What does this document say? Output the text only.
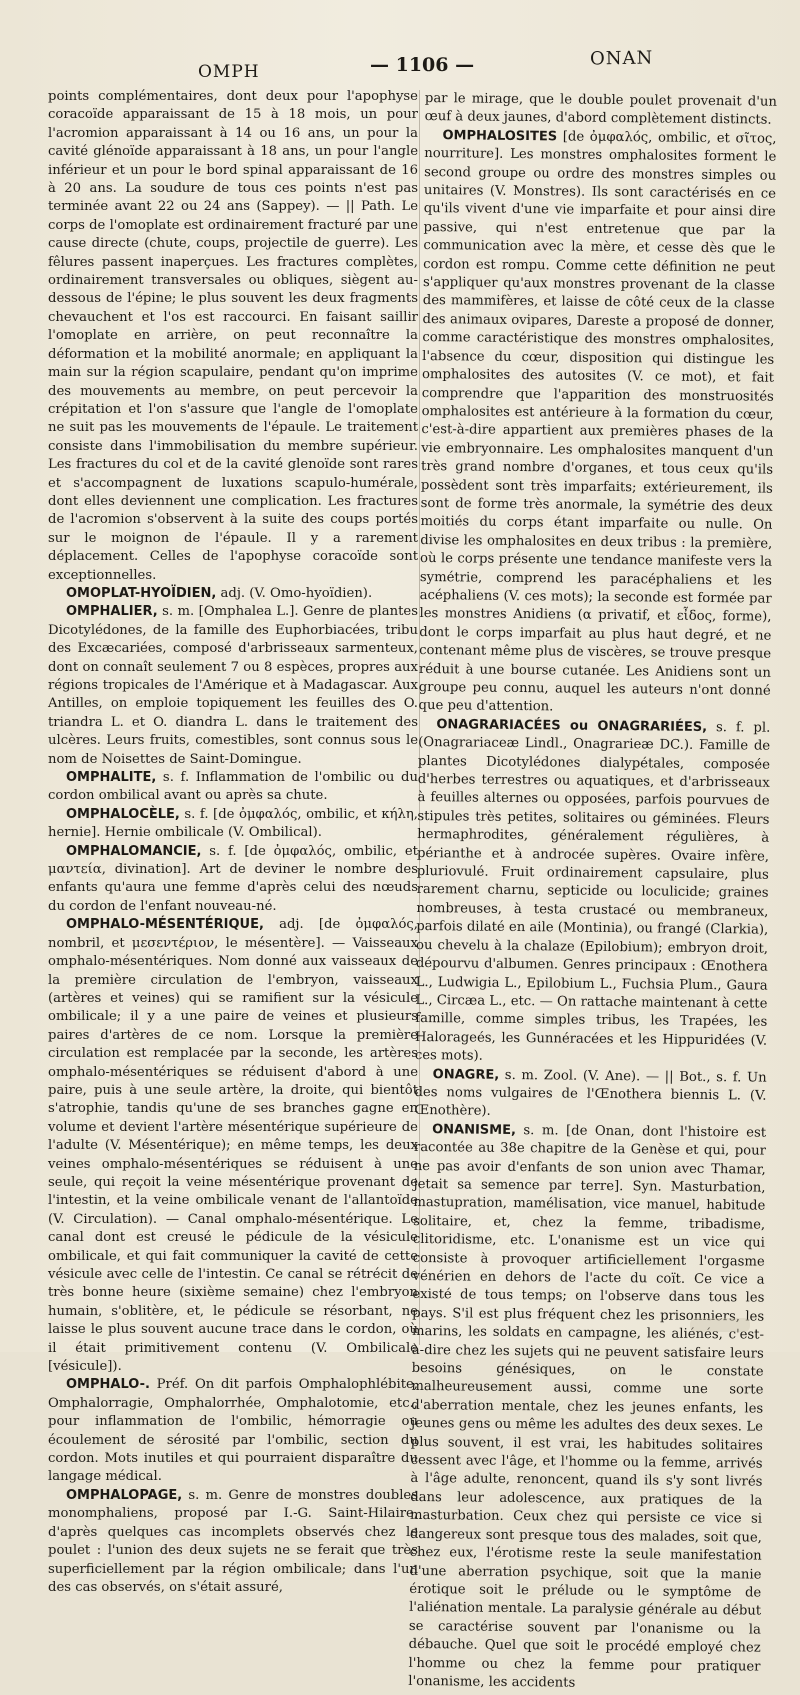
OMPH	— 1106 —	ONAN

points complémentaires, dont deux pour l'apophyse coracoïde apparaissant de 15 à 18 mois, un pour l'acromion apparaissant à 14 ou 16 ans, un pour la cavité glénoïde apparaissant à 18 ans, un pour l'angle inférieur et un pour le bord spinal apparaissant de 16 à 20 ans. La soudure de tous ces points n'est pas terminée avant 22 ou 24 ans (Sappey). — || Path. Le corps de l'omoplate est ordinairement fracturé par une cause directe (chute, coups, projectile de guerre). Les fêlures passent inaperçues. Les fractures complètes, ordinairement transversales ou obliques, siègent au-dessous de l'épine; le plus souvent les deux fragments chevauchent et l'os est raccourci. En faisant saillir l'omoplate en arrière, on peut reconnaître la déformation et la mobilité anormale; en appliquant la main sur la région scapulaire, pendant qu'on imprime des mouvements au membre, on peut percevoir la crépitation et l'on s'assure que l'angle de l'omoplate ne suit pas les mouvements de l'épaule. Le traitement consiste dans l'immobilisation du membre supérieur. Les fractures du col et de la cavité glenoïde sont rares et s'accompagnent de luxations scapulo-humérale, dont elles deviennent une complication. Les fractures de l'acromion s'observent à la suite des coups portés sur le moignon de l'épaule. Il y a rarement déplacement. Celles de l'apophyse coracoïde sont exceptionnelles.

OMOPLAT-HYOÏDIEN, adj. (V. Omo-hyoïdien).

OMPHALIER, s. m. [Omphalea L.]. Genre de plantes Dicotylédones, de la famille des Euphorbiacées, tribu des Excæcariées, composé d'arbrisseaux sarmenteux, dont on connaît seulement 7 ou 8 espèces, propres aux régions tropicales de l'Amérique et à Madagascar. Aux Antilles, on emploie topiquement les feuilles des O. triandra L. et O. diandra L. dans le traitement des ulcères. Leurs fruits, comestibles, sont connus sous le nom de Noisettes de Saint-Domingue.

OMPHALITE, s. f. Inflammation de l'ombilic ou du cordon ombilical avant ou après sa chute.

OMPHALOCÈLE, s. f. [de ὀμφαλός, ombilic, et κήλη, hernie]. Hernie ombilicale (V. Ombilical).

OMPHALOMANCIE, s. f. [de ὀμφαλός, ombilic, et μαντεία, divination]. Art de deviner le nombre des enfants qu'aura une femme d'après celui des nœuds du cordon de l'enfant nouveau-né.

OMPHALO-MÉSENTÉRIQUE, adj. [de ὀμφαλός, nombril, et μεσεντέριον, le mésentère]. — Vaisseaux omphalo-mésentériques. Nom donné aux vaisseaux de la première circulation de l'embryon, vaisseaux (artères et veines) qui se ramifient sur la vésicule ombilicale; il y a une paire de veines et plusieurs paires d'artères de ce nom. Lorsque la première circulation est remplacée par la seconde, les artères omphalo-mésentériques se réduisent d'abord à une paire, puis à une seule artère, la droite, qui bientôt s'atrophie, tandis qu'une de ses branches gagne en volume et devient l'artère mésentérique supérieure de l'adulte (V. Mésentérique); en même temps, les deux veines omphalo-mésentériques se réduisent à une seule, qui reçoit la veine mésentérique provenant de l'intestin, et la veine ombilicale venant de l'allantoïde (V. Circulation). — Canal omphalo-mésentérique. Le canal dont est creusé le pédicule de la vésicule ombilicale, et qui fait communiquer la cavité de cette vésicule avec celle de l'intestin. Ce canal se rétrécit de très bonne heure (sixième semaine) chez l'embryon humain, s'oblitère, et, le pédicule se résorbant, ne laisse le plus souvent aucune trace dans le cordon, où il était primitivement contenu (V. Ombilicale [vésicule]).

OMPHALO-. Préf. On dit parfois Omphalophlébite, Omphalorragie, Omphalorrhée, Omphalotomie, etc., pour inflammation de l'ombilic, hémorragie ou écoulement de sérosité par l'ombilic, section du cordon. Mots inutiles et qui pourraient disparaître du langage médical.

OMPHALOPAGE, s. m. Genre de monstres doubles monomphaliens, proposé par I.-G. Saint-Hilaire, d'après quelques cas incomplets observés chez le poulet : l'union des deux sujets ne se ferait que très superficiellement par la région ombilicale; dans l'un des cas observés, on s'était assuré,

par le mirage, que le double poulet provenait d'un œuf à deux jaunes, d'abord complètement distincts.

OMPHALOSITES [de ὀμφαλός, ombilic, et σῖτος, nourriture]. Les monstres omphalosites forment le second groupe ou ordre des monstres simples ou unitaires (V. Monstres). Ils sont caractérisés en ce qu'ils vivent d'une vie imparfaite et pour ainsi dire passive, qui n'est entretenue que par la communication avec la mère, et cesse dès que le cordon est rompu. Comme cette définition ne peut s'appliquer qu'aux monstres provenant de la classe des mammifères, et laisse de côté ceux de la classe des animaux ovipares, Dareste a proposé de donner, comme caractéristique des monstres omphalosites, l'absence du cœur, disposition qui distingue les omphalosites des autosites (V. ce mot), et fait comprendre que l'apparition des monstruosités omphalosites est antérieure à la formation du cœur, c'est-à-dire appartient aux premières phases de la vie embryonnaire. Les omphalosites manquent d'un très grand nombre d'organes, et tous ceux qu'ils possèdent sont très imparfaits; extérieurement, ils sont de forme très anormale, la symétrie des deux moitiés du corps étant imparfaite ou nulle. On divise les omphalosites en deux tribus : la première, où le corps présente une tendance manifeste vers la symétrie, comprend les paracéphaliens et les acéphaliens (V. ces mots); la seconde est formée par les monstres Anidiens (α privatif, et εἶδος, forme), dont le corps imparfait au plus haut degré, et ne contenant même plus de viscères, se trouve presque réduit à une bourse cutanée. Les Anidiens sont un groupe peu connu, auquel les auteurs n'ont donné que peu d'attention.

ONAGRARIACÉES ou ONAGRARIÉES, s. f. pl. (Onagrariaceæ Lindl., Onagrarieæ DC.). Famille de plantes Dicotylédones dialypétales, composée d'herbes terrestres ou aquatiques, et d'arbrisseaux à feuilles alternes ou opposées, parfois pourvues de stipules très petites, solitaires ou géminées. Fleurs hermaphrodites, généralement régulières, à périanthe et à androcée supères. Ovaire infère, pluriovulé. Fruit ordinairement capsulaire, plus rarement charnu, septicide ou loculicide; graines nombreuses, à testa crustacé ou membraneux, parfois dilaté en aile (Montinia), ou frangé (Clarkia), ou chevelu à la chalaze (Epilobium); embryon droit, dépourvu d'albumen. Genres principaux : Œnothera L., Ludwigia L., Epilobium L., Fuchsia Plum., Gaura L., Circæa L., etc. — On rattache maintenant à cette famille, comme simples tribus, les Trapées, les Halorageés, les Gunnéracées et les Hippuridées (V. ces mots).

ONAGRE, s. m. Zool. (V. Ane). — || Bot., s. f. Un des noms vulgaires de l'Œnothera biennis L. (V. Œnothère).

ONANISME, s. m. [de Onan, dont l'histoire est racontée au 38e chapitre de la Genèse et qui, pour ne pas avoir d'enfants de son union avec Thamar, jetait sa semence par terre]. Syn. Masturbation, mastupration, mamélisation, vice manuel, habitude solitaire, et, chez la femme, tribadisme, clitoridisme, etc. L'onanisme est un vice qui consiste à provoquer artificiellement l'orgasme vénérien en dehors de l'acte du coït. Ce vice a existé de tous temps; on l'observe dans tous les pays. S'il est plus fréquent chez les prisonniers, les marins, les soldats en campagne, les aliénés, c'est-à-dire chez les sujets qui ne peuvent satisfaire leurs besoins génésiques, on le constate malheureusement aussi, comme une sorte d'aberration mentale, chez les jeunes enfants, les jeunes gens ou même les adultes des deux sexes. Le plus souvent, il est vrai, les habitudes solitaires cessent avec l'âge, et l'homme ou la femme, arrivés à l'âge adulte, renoncent, quand ils s'y sont livrés dans leur adolescence, aux pratiques de la masturbation. Ceux chez qui persiste ce vice si dangereux sont presque tous des malades, soit que, chez eux, l'érotisme reste la seule manifestation d'une aberration psychique, soit que la manie érotique soit le prélude ou le symptôme de l'aliénation mentale. La paralysie générale au début se caractérise souvent par l'onanisme ou la débauche. Quel que soit le procédé employé chez l'homme ou chez la femme pour pratiquer l'onanisme, les accidents
